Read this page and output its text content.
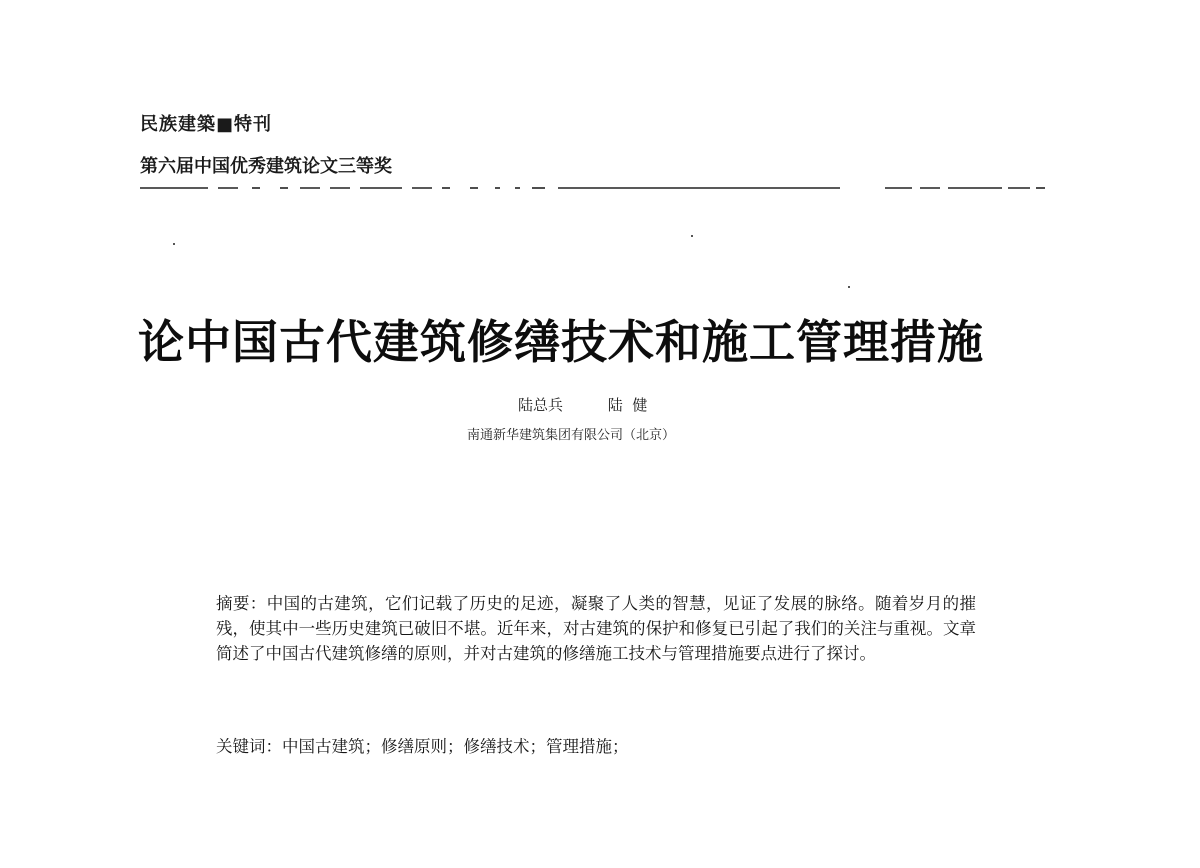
民族建築■特刊
第六届中国优秀建筑论文三等奖
论中国古代建筑修缮技术和施工管理措施
陆总兵	陆  健
南通新华建筑集团有限公司（北京）
摘要：中国的古建筑，它们记载了历史的足迹，凝聚了人类的智慧，见证了发展的脉络。随着岁月的摧残，使其中一些历史建筑已破旧不堪。近年来，对古建筑的保护和修复已引起了我们的关注与重视。文章简述了中国古代建筑修缮的原则，并对古建筑的修缮施工技术与管理措施要点进行了探讨。
关键词：中国古建筑；修缮原则；修缮技术；管理措施；
